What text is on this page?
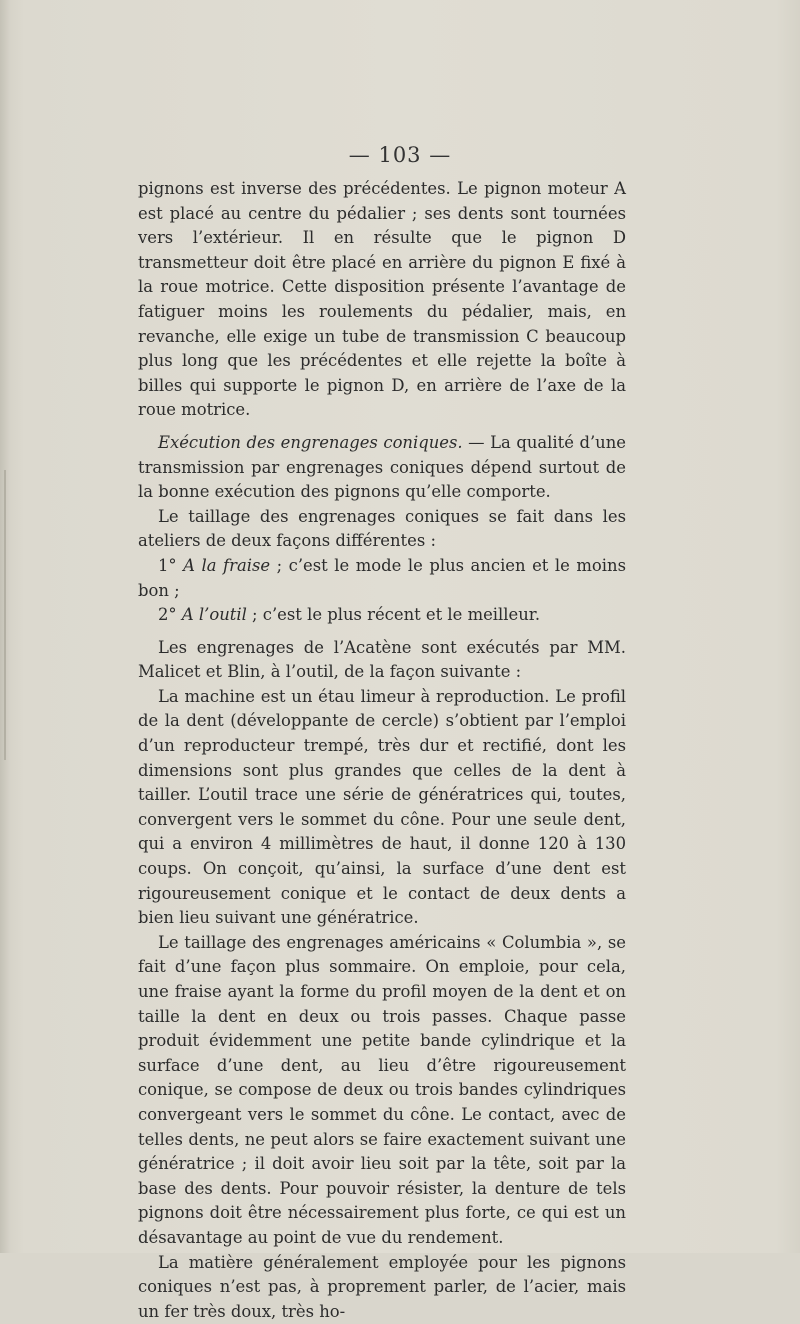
— 103 —

pignons est inverse des précédentes. Le pignon moteur A est placé au centre du pédalier ; ses dents sont tournées vers l’extérieur. Il en résulte que le pignon D transmetteur doit être placé en arrière du pignon E fixé à la roue motrice. Cette disposition présente l’avantage de fatiguer moins les roulements du pédalier, mais, en revanche, elle exige un tube de transmission C beaucoup plus long que les précédentes et elle rejette la boîte à billes qui supporte le pignon D, en arrière de l’axe de la roue motrice.

Exécution des engrenages coniques. — La qualité d’une transmission par engrenages coniques dépend surtout de la bonne exécution des pignons qu’elle comporte.

Le taillage des engrenages coniques se fait dans les ateliers de deux façons différentes :

1° A la fraise ; c’est le mode le plus ancien et le moins bon ;

2° A l’outil ; c’est le plus récent et le meilleur.

Les engrenages de l’Acatène sont exécutés par MM. Malicet et Blin, à l’outil, de la façon suivante :

La machine est un étau limeur à reproduction. Le profil de la dent (développante de cercle) s’obtient par l’emploi d’un reproducteur trempé, très dur et rectifié, dont les dimensions sont plus grandes que celles de la dent à tailler. L’outil trace une série de génératrices qui, toutes, convergent vers le sommet du cône. Pour une seule dent, qui a environ 4 millimètres de haut, il donne 120 à 130 coups. On conçoit, qu’ainsi, la surface d’une dent est rigoureusement conique et le contact de deux dents a bien lieu suivant une génératrice.

Le taillage des engrenages américains « Columbia », se fait d’une façon plus sommaire. On emploie, pour cela, une fraise ayant la forme du profil moyen de la dent et on taille la dent en deux ou trois passes. Chaque passe produit évidemment une petite bande cylindrique et la surface d’une dent, au lieu d’être rigoureusement conique, se compose de deux ou trois bandes cylindriques convergeant vers le sommet du cône. Le contact, avec de telles dents, ne peut alors se faire exactement suivant une génératrice ; il doit avoir lieu soit par la tête, soit par la base des dents. Pour pouvoir résister, la denture de tels pignons doit être nécessairement plus forte, ce qui est un désavantage au point de vue du rendement.

La matière généralement employée pour les pignons coniques n’est pas, à proprement parler, de l’acier, mais un fer très doux, très ho-
